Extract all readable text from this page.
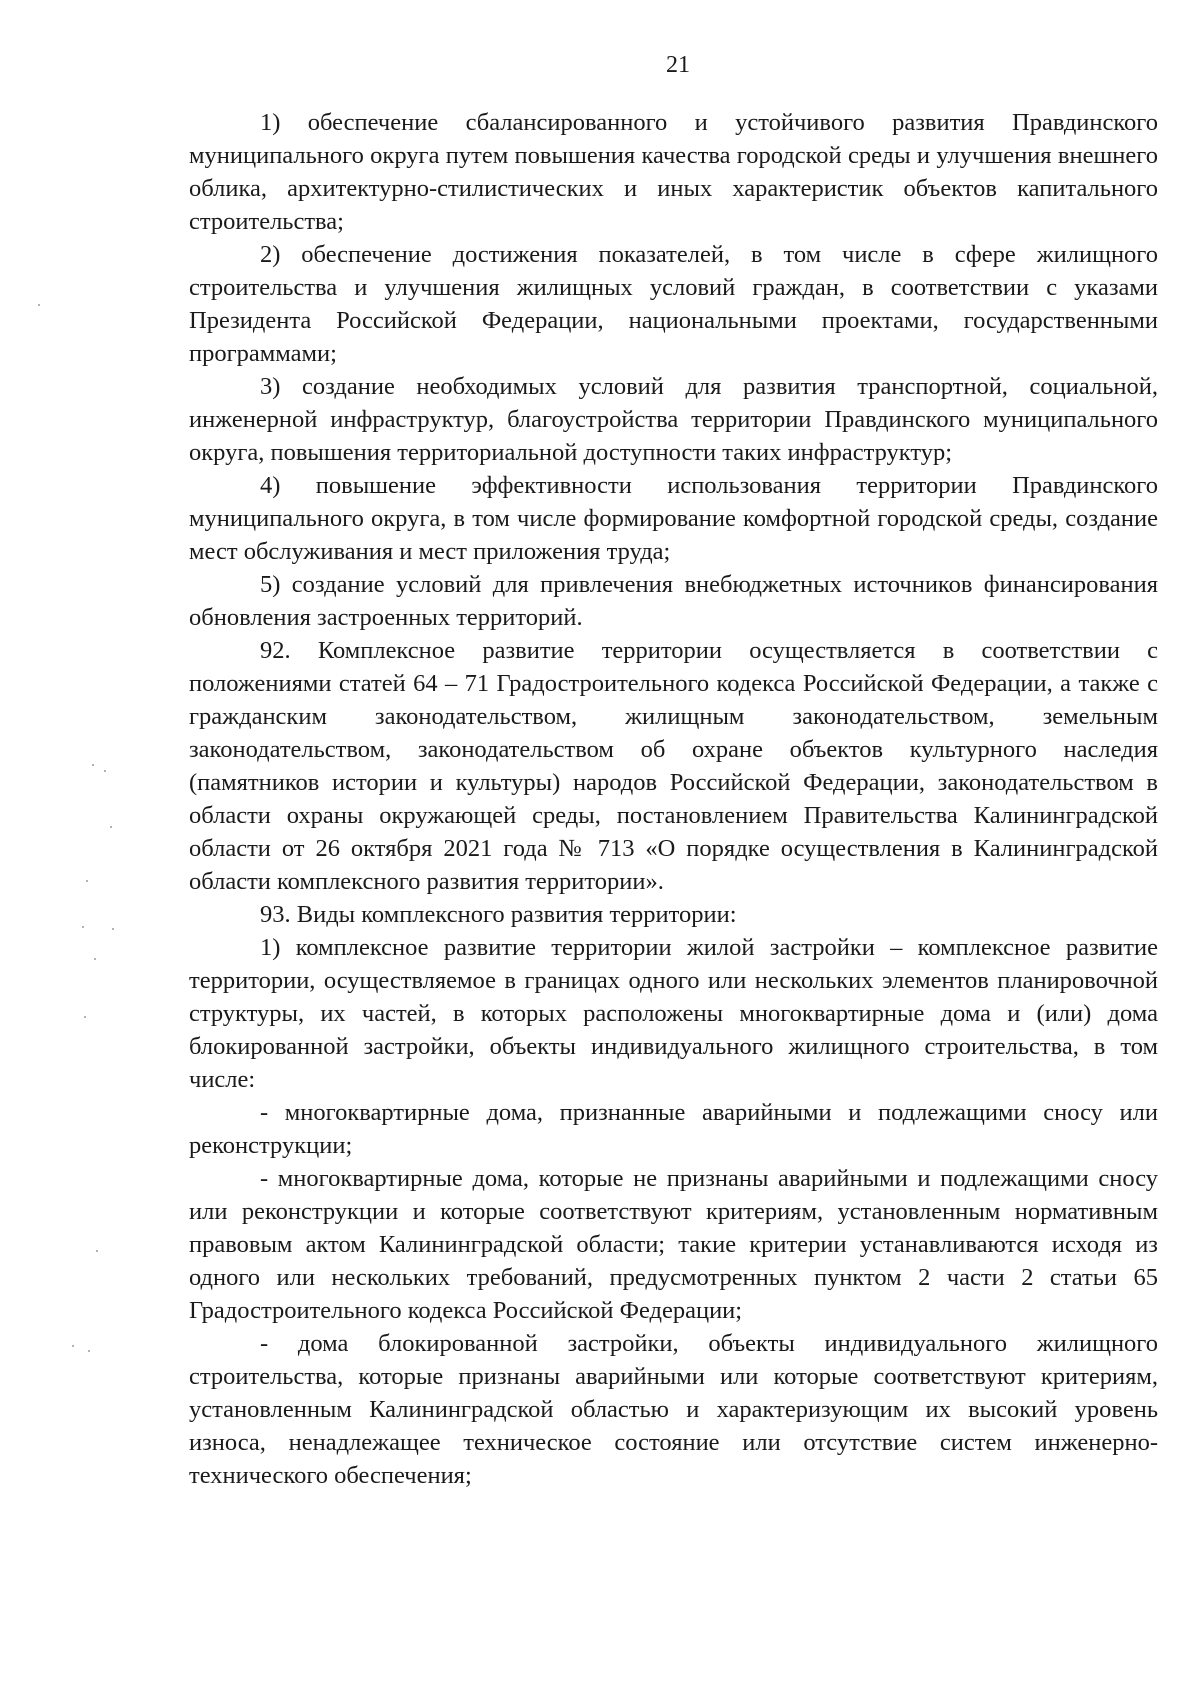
21

1) обеспечение сбалансированного и устойчивого развития Правдинского муниципального округа путем повышения качества городской среды и улучшения внешнего облика, архитектурно-стилистических и иных характеристик объектов капитального строительства;

2) обеспечение достижения показателей, в том числе в сфере жилищного строительства и улучшения жилищных условий граждан, в соответствии с указами Президента Российской Федерации, национальными проектами, государственными программами;

3) создание необходимых условий для развития транспортной, социальной, инженерной инфраструктур, благоустройства территории Правдинского муниципального округа, повышения территориальной доступности таких инфраструктур;

4) повышение эффективности использования территории Правдинского муниципального округа, в том числе формирование комфортной городской среды, создание мест обслуживания и мест приложения труда;

5) создание условий для привлечения внебюджетных источников финансирования обновления застроенных территорий.

92. Комплексное развитие территории осуществляется в соответствии с положениями статей 64 – 71 Градостроительного кодекса Российской Федерации, а также с гражданским законодательством, жилищным законодательством, земельным законодательством, законодательством об охране объектов культурного наследия (памятников истории и культуры) народов Российской Федерации, законодательством в области охраны окружающей среды, постановлением Правительства Калининградской области от 26 октября 2021 года № 713 «О порядке осуществления в Калининградской области комплексного развития территории».

93. Виды комплексного развития территории:

1) комплексное развитие территории жилой застройки – комплексное развитие территории, осуществляемое в границах одного или нескольких элементов планировочной структуры, их частей, в которых расположены многоквартирные дома и (или) дома блокированной застройки, объекты индивидуального жилищного строительства, в том числе:

- многоквартирные дома, признанные аварийными и подлежащими сносу или реконструкции;

- многоквартирные дома, которые не признаны аварийными и подлежащими сносу или реконструкции и которые соответствуют критериям, установленным нормативным правовым актом Калининградской области; такие критерии устанавливаются исходя из одного или нескольких требований, предусмотренных пунктом 2 части 2 статьи 65 Градостроительного кодекса Российской Федерации;

- дома блокированной застройки, объекты индивидуального жилищного строительства, которые признаны аварийными или которые соответствуют критериям, установленным Калининградской областью и характеризующим их высокий уровень износа, ненадлежащее техническое состояние или отсутствие систем инженерно-технического обеспечения;
